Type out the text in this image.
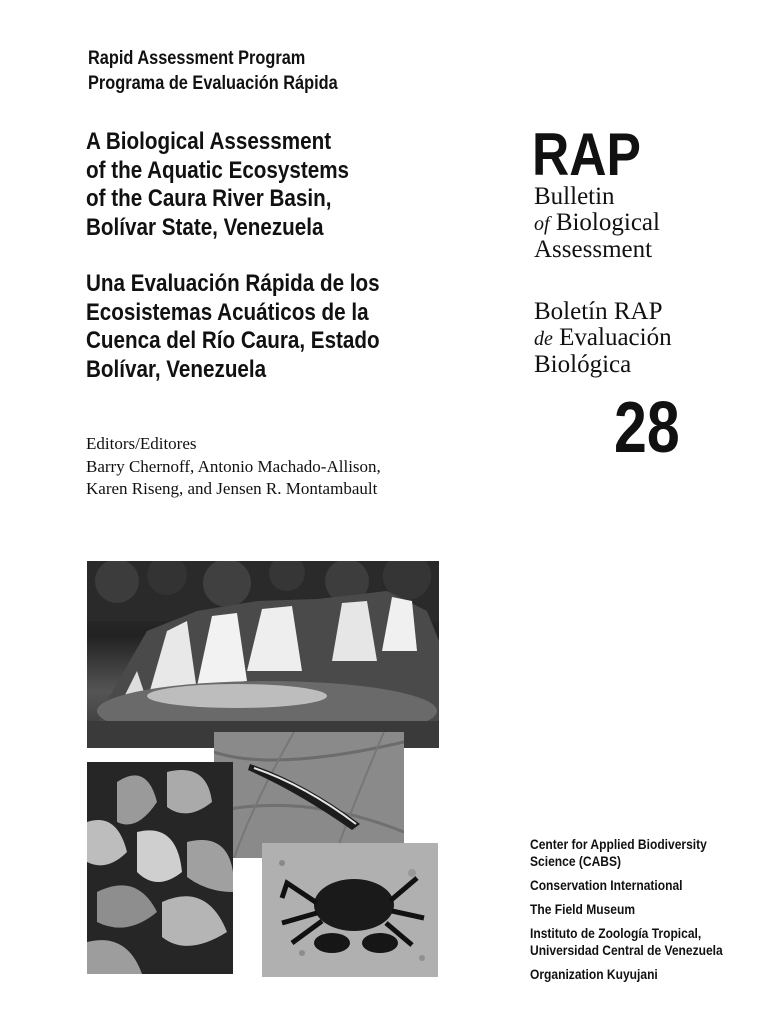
Rapid Assessment Program
Programa de Evaluación Rápida
A Biological Assessment
of the Aquatic Ecosystems
of the Caura River Basin,
Bolívar State, Venezuela
Una Evaluación Rápida de los
Ecosistemas Acuáticos de la
Cuenca del Río Caura, Estado
Bolívar, Venezuela
Editors/Editores
Barry Chernoff, Antonio Machado-Allison,
Karen Riseng, and Jensen R. Montambault
RAP
Bulletin
of Biological
Assessment
Boletín RAP
de Evaluación
Biológica
28
Center for Applied Biodiversity
Science (CABS)
Conservation International
The Field Museum
Instituto de Zoología Tropical,
Universidad Central de Venezuela
Organization Kuyujani
